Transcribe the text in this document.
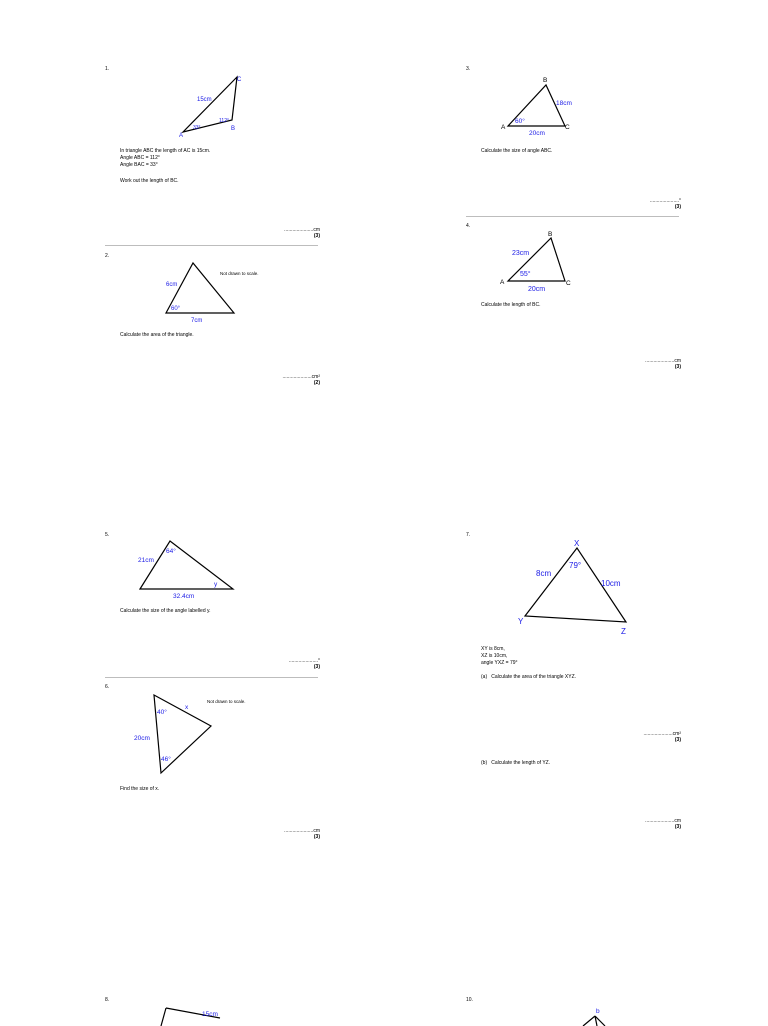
1.
15cm
112°
33°
A
B
C
In triangle ABC the length of AC is 15cm.
Angle ABC = 112°
Angle BAC = 33°
Work out the length of BC.
.....................cm
(3)
2.
Not drawn to scale.
6cm
60°
7cm
Calculate the area of the triangle.
.....................cm²
(2)
3.
B
A	C
18cm
60°
20cm
Calculate the size of angle ABC.
.....................°
(3)
4.
B
A	C
23cm
55°
20cm
Calculate the length of BC.
.....................cm
(3)
5.
21cm
64°
y
32.4cm
Calculate the size of the angle labelled y.
.....................°
(3)
6.
Not drawn to scale.
40°
x
20cm
46°
Find the size of x.
.....................cm
(3)
7.
X
Y
Z
8cm
79°
10cm
XY is 8cm,
XZ is 10cm,
angle YXZ = 79°
(a)   Calculate the area of the triangle XYZ.
.....................cm²
(3)
(b)   Calculate the length of YZ.
.....................cm
(3)
8.
15cm
10.
b
